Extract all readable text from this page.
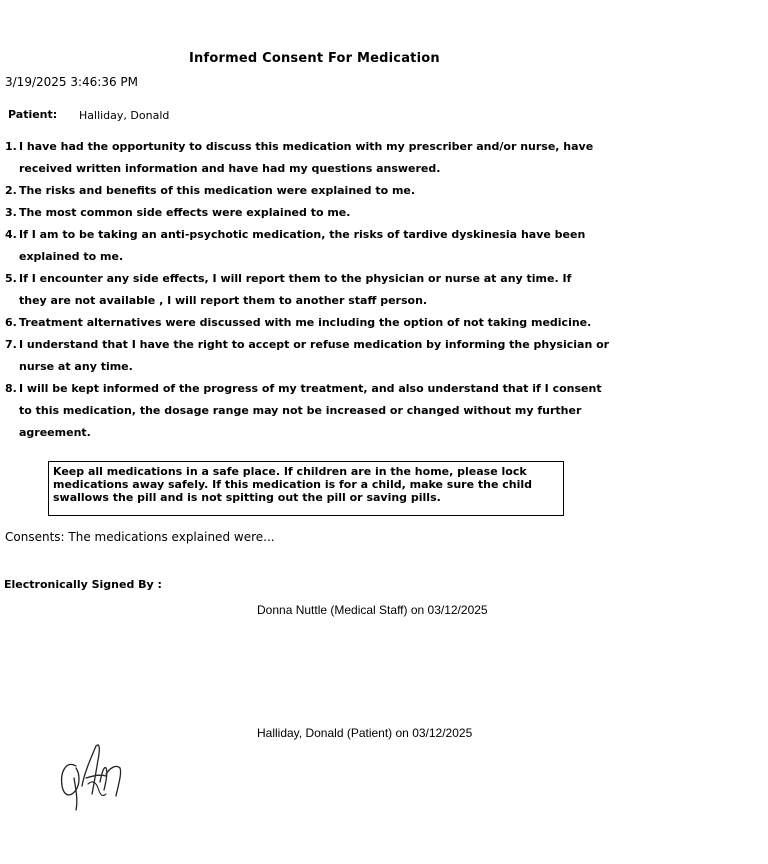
Informed Consent For Medication
3/19/2025 3:46:36 PM
Patient: Halliday, Donald
1. I have had the opportunity to discuss this medication with my prescriber and/or nurse, have received written information and have had my questions answered.
2. The risks and benefits of this medication were explained to me.
3. The most common side effects were explained to me.
4. If I am to be taking an anti-psychotic medication, the risks of tardive dyskinesia have been explained to me.
5. If I encounter any side effects, I will report them to the physician or nurse at any time. If they are not available , I will report them to another staff person.
6. Treatment alternatives were discussed with me including the option of not taking medicine.
7. I understand that I have the right to accept or refuse medication by informing the physician or nurse at any time.
8. I will be kept informed of the progress of my treatment, and also understand that if I consent to this medication, the dosage range may not be increased or changed without my further agreement.
Keep all medications in a safe place. If children are in the home, please lock medications away safely. If this medication is for a child, make sure the child swallows the pill and is not spitting out the pill or saving pills.
Consents: The medications explained were...
Electronically Signed By :
Donna Nuttle (Medical Staff) on 03/12/2025
Halliday, Donald (Patient) on 03/12/2025
